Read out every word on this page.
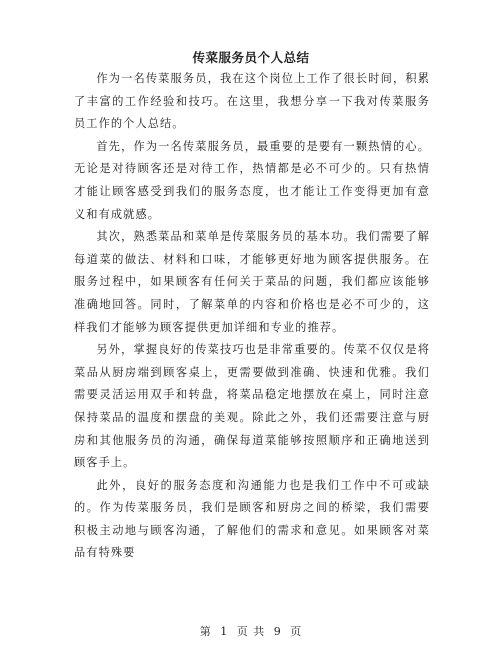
传菜服务员个人总结

作为一名传菜服务员，我在这个岗位上工作了很长时间，积累了丰富的工作经验和技巧。在这里，我想分享一下我对传菜服务员工作的个人总结。

首先，作为一名传菜服务员，最重要的是要有一颗热情的心。无论是对待顾客还是对待工作，热情都是必不可少的。只有热情才能让顾客感受到我们的服务态度，也才能让工作变得更加有意义和有成就感。

其次，熟悉菜品和菜单是传菜服务员的基本功。我们需要了解每道菜的做法、材料和口味，才能够更好地为顾客提供服务。在服务过程中，如果顾客有任何关于菜品的问题，我们都应该能够准确地回答。同时，了解菜单的内容和价格也是必不可少的，这样我们才能够为顾客提供更加详细和专业的推荐。

另外，掌握良好的传菜技巧也是非常重要的。传菜不仅仅是将菜品从厨房端到顾客桌上，更需要做到准确、快速和优雅。我们需要灵活运用双手和转盘，将菜品稳定地摆放在桌上，同时注意保持菜品的温度和摆盘的美观。除此之外，我们还需要注意与厨房和其他服务员的沟通，确保每道菜能够按照顺序和正确地送到顾客手上。

此外，良好的服务态度和沟通能力也是我们工作中不可或缺的。作为传菜服务员，我们是顾客和厨房之间的桥梁，我们需要积极主动地与顾客沟通，了解他们的需求和意见。如果顾客对菜品有特殊要

第 1 页 共 9 页
